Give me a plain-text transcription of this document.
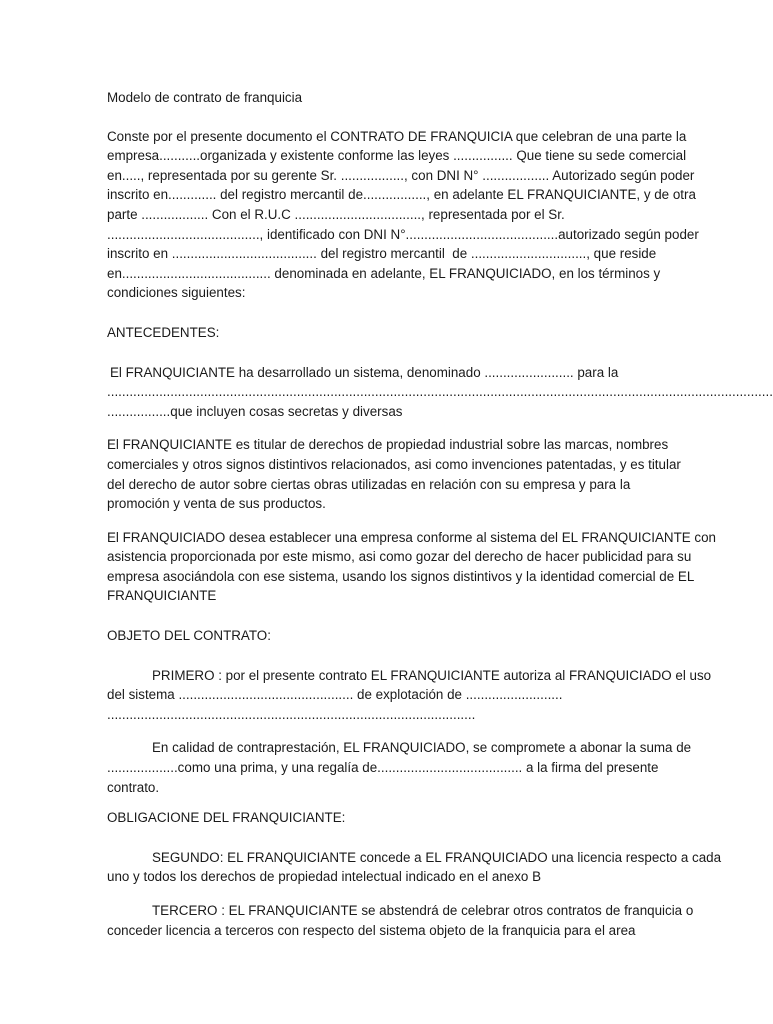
Modelo de contrato de franquicia
Conste por el presente documento el CONTRATO DE FRANQUICIA que celebran de una parte la
empresa...........organizada y existente conforme las leyes ................ Que tiene su sede comercial
en....., representada por su gerente Sr. ................., con DNI N° .................. Autorizado según poder
inscrito en............. del registro mercantil de................., en adelante EL FRANQUICIANTE, y de otra
parte .................. Con el R.U.C .................................., representada por el Sr.
........................................., identificado con DNI N°.........................................autorizado según poder
inscrito en ....................................... del registro mercantil  de ..............................., que reside
en........................................ denominada en adelante, EL FRANQUICIADO, en los términos y
condiciones siguientes:
ANTECEDENTES:
El FRANQUICIANTE ha desarrollado un sistema, denominado ........................ para la
...................................................................................................................................................................................
.................que incluyen cosas secretas y diversas
El FRANQUICIANTE es titular de derechos de propiedad industrial sobre las marcas, nombres
comerciales y otros signos distintivos relacionados, asi como invenciones patentadas, y es titular
del derecho de autor sobre ciertas obras utilizadas en relación con su empresa y para la
promoción y venta de sus productos.
El FRANQUICIADO desea establecer una empresa conforme al sistema del EL FRANQUICIANTE con
asistencia proporcionada por este mismo, asi como gozar del derecho de hacer publicidad para su
empresa asociándola con ese sistema, usando los signos distintivos y la identidad comercial de EL
FRANQUICIANTE
OBJETO DEL CONTRATO:
PRIMERO : por el presente contrato EL FRANQUICIANTE autoriza al FRANQUICIADO el uso
del sistema ............................................... de explotación de ..........................
...................................................................................................
En calidad de contraprestación, EL FRANQUICIADO, se compromete a abonar la suma de
...................como una prima, y una regalía de....................................... a la firma del presente
contrato.
OBLIGACIONE DEL FRANQUICIANTE:
SEGUNDO: EL FRANQUICIANTE concede a EL FRANQUICIADO una licencia respecto a cada
uno y todos los derechos de propiedad intelectual indicado en el anexo B
TERCERO : EL FRANQUICIANTE se abstendrá de celebrar otros contratos de franquicia o
conceder licencia a terceros con respecto del sistema objeto de la franquicia para el area
